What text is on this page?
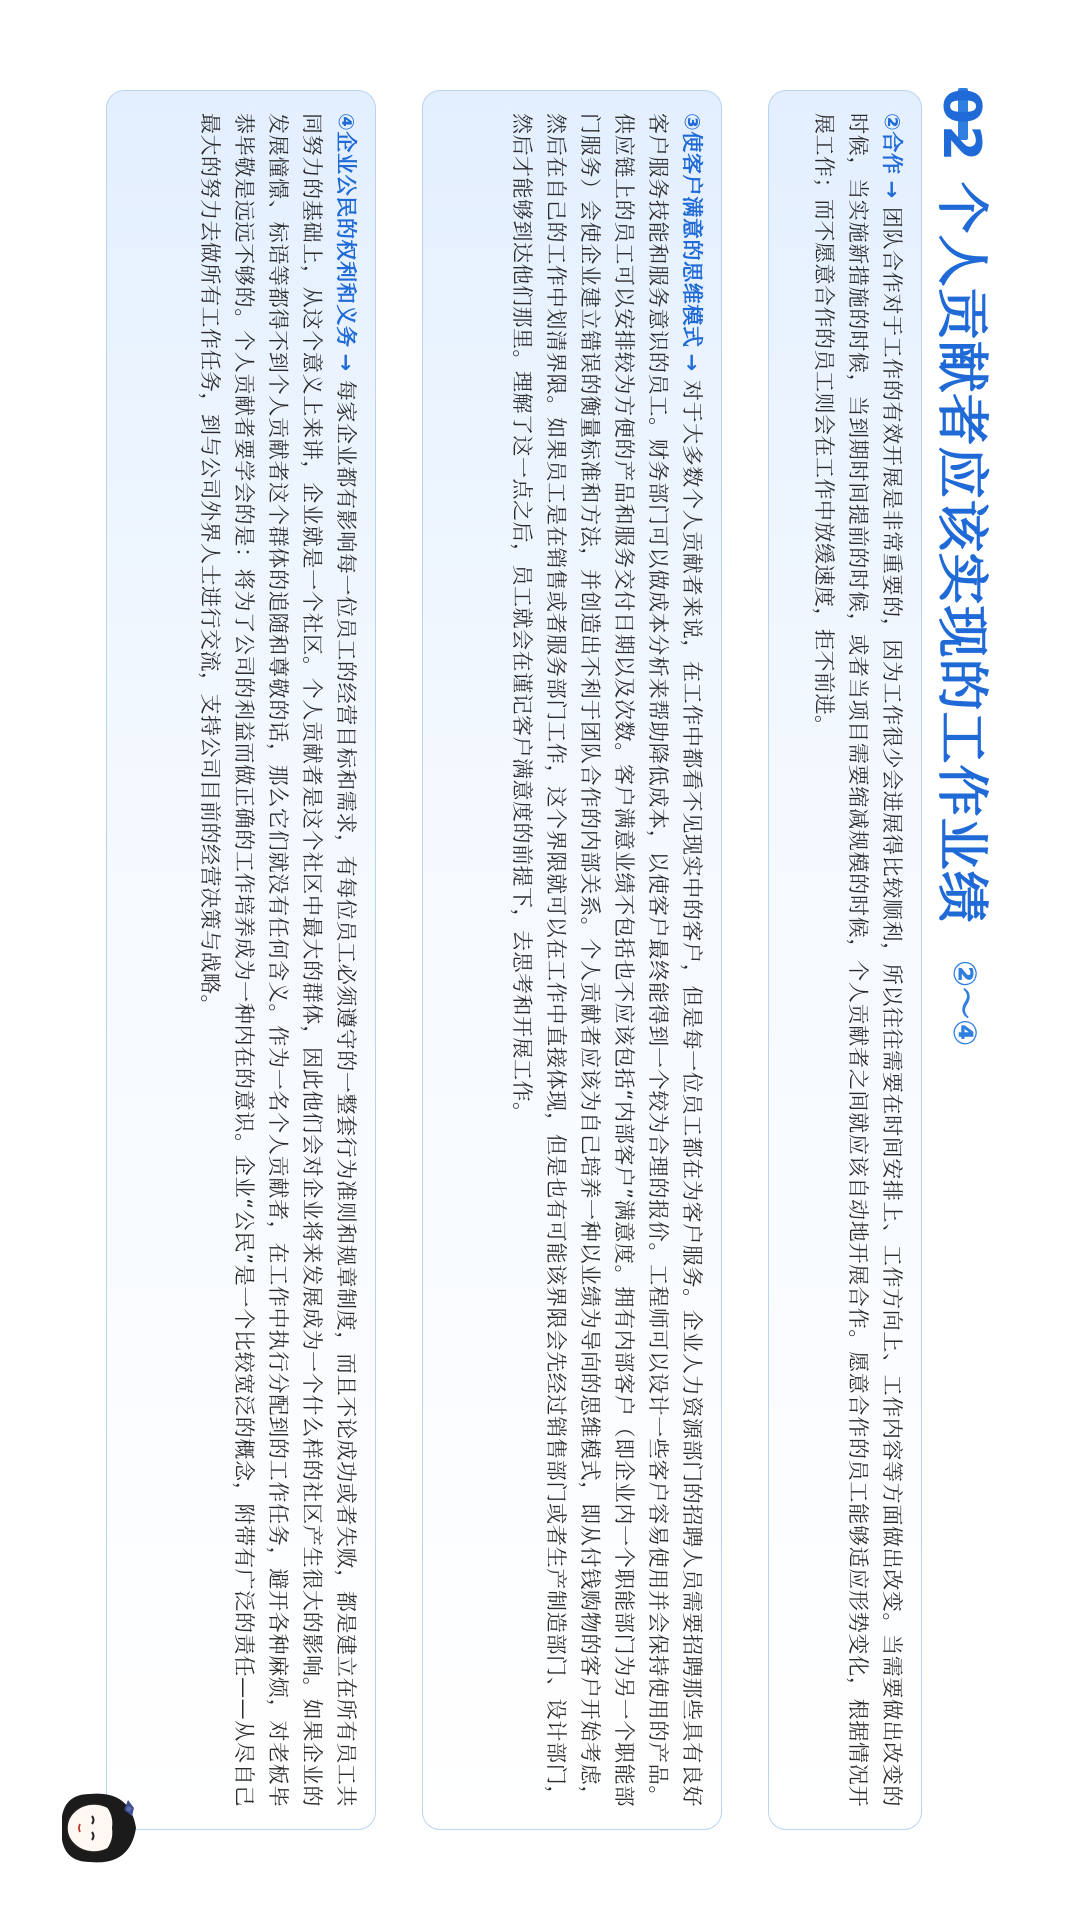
02 个人贡献者应该实现的工作业绩
②～④

②合作→团队合作对于工作的有效开展是非常重要的，因为工作很少会进展得比较顺利，所以往往需要在时间安排上、工作方向上、工作内容等方面做出改变。当需要做出改变的时候，当实施新措施的时候，当到期时间提前的时候，或者当项目需要缩减规模的时候，个人贡献者之间就应该自动地开展合作。愿意合作的员工能够适应形势变化，根据情况开展工作；而不愿意合作的员工则会在工作中放缓速度，拒不前进。

③使客户满意的思维模式→对于大多数个人贡献者来说，在工作中都看不见现实中的客户，但是每一位员工都在为客户服务。企业人力资源部门的招聘人员需要招聘那些具有良好客户服务技能和服务意识的员工。财务部门可以做成本分析来帮助降低成本，以使客户最终能得到一个较为合理的报价。工程师可以设计一些客户容易使用并会保持使用的产品。供应链上的员工可以安排较为方便的产品和服务交付日期以及次数。客户满意业绩不包括也不应该包括“内部客户”满意度。拥有内部客户（即企业内一个职能部门为另一个职能部门服务）会使企业建立错误的衡量标准和方法，并创造出不利于团队合作的内部关系。个人贡献者应该为自己培养一种以业绩为导向的思维模式，即从付钱购物的客户开始考虑，然后在自己的工作中划清界限。如果员工是在销售或者服务部门工作，这个界限就可以在工作中直接体现，但是也有可能该界限会先经过销售部门或者生产制造部门、设计部门，然后才能够到达他们那里。理解了这一点之后，员工就会在谨记客户满意度的前提下，去思考和开展工作。

④企业公民的权利和义务→每家企业都有影响每一位员工的经营目标和需求，有每位员工必须遵守的一整套行为准则和规章制度，而且不论成功或者失败，都是建立在所有员工共同努力的基础上，从这个意义上来讲，企业就是一个社区。个人贡献者是这个社区中最大的群体，因此他们会对企业将来发展成为一个什么样的社区产生很大的影响。如果企业的发展憧憬、标语等都得不到个人贡献者这个群体的追随和尊敬的话，那么它们就没有任何含义。作为一名个人贡献者，在工作中执行分配到的工作任务，避开各种麻烦，对老板毕恭毕敬是远远不够的。个人贡献者要学会的是：将为了公司的利益而做正确的工作培养成为一种内在的意识。企业“公民”是一个比较宽泛的概念，附带有广泛的责任——从尽自己最大的努力去做所有工作任务，到与公司外界人士进行交流，支持公司目前的经营决策与战略。
